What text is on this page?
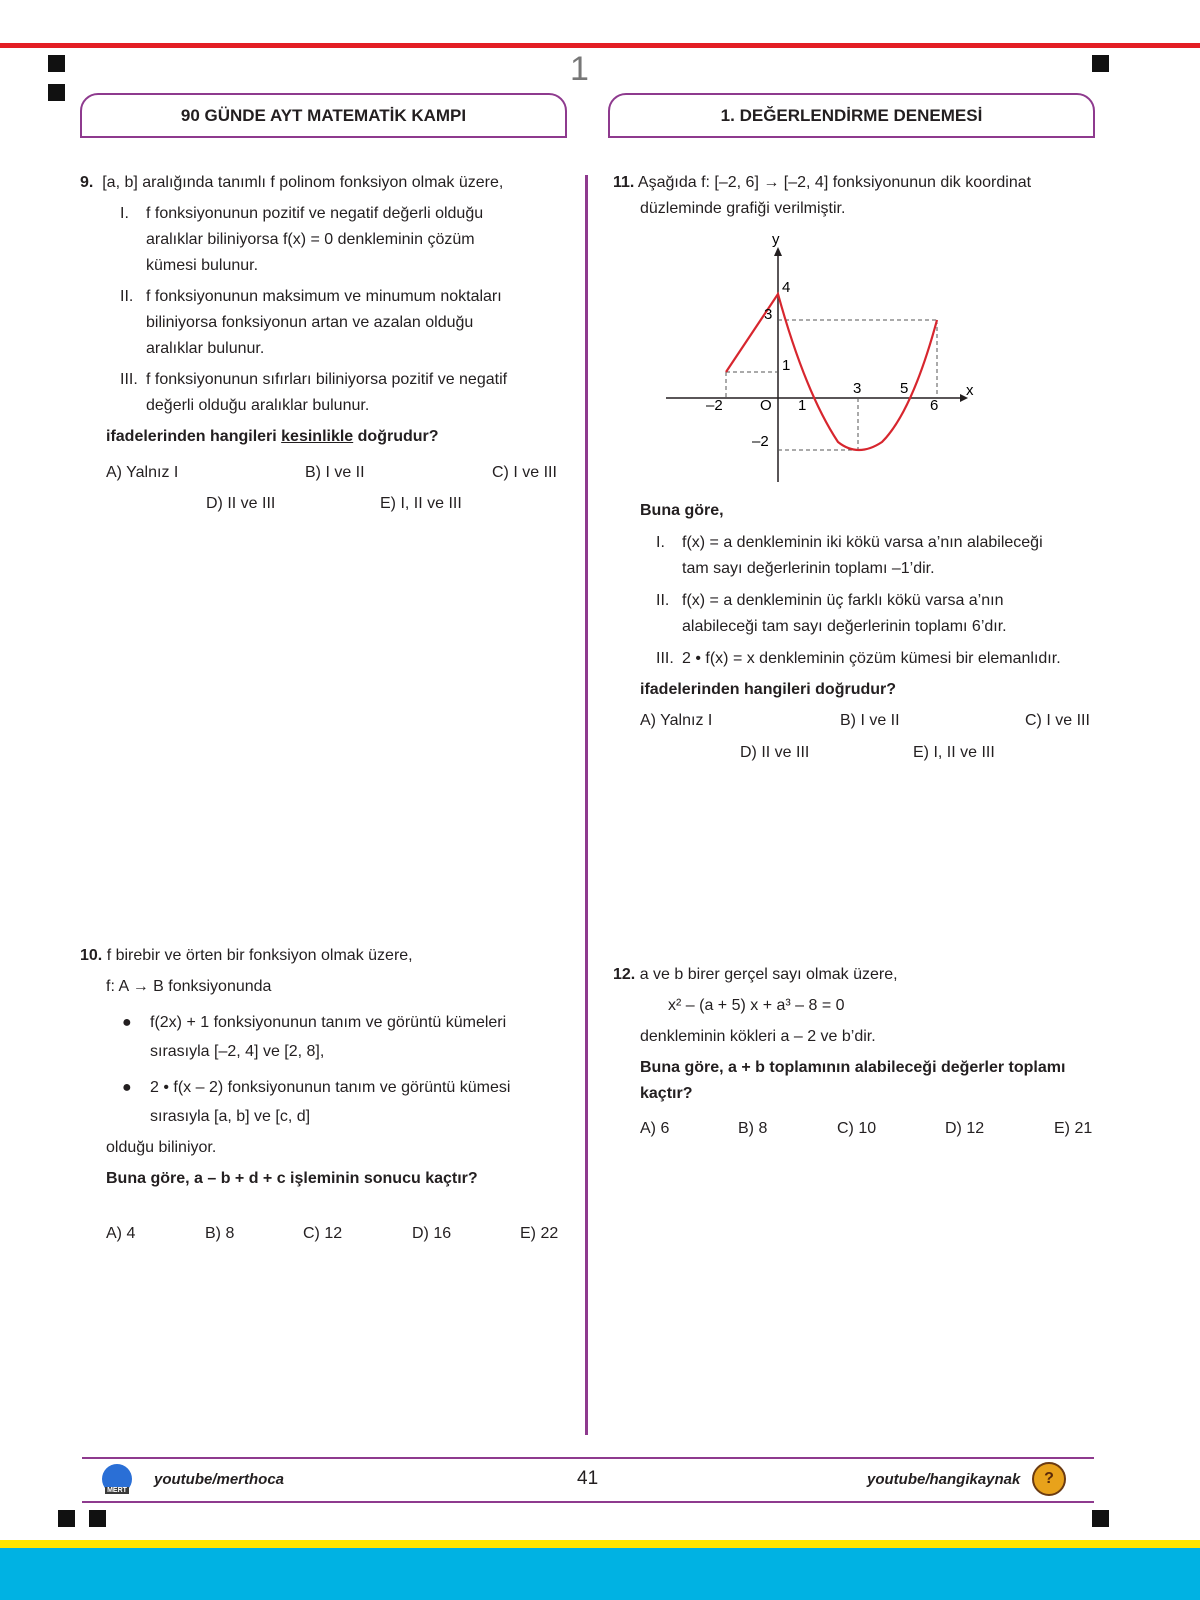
1
90 GÜNDE AYT MATEMATİK KAMPI	1. DEĞERLENDİRME DENEMESİ
9. [a, b] aralığında tanımlı f polinom fonksiyon olmak üzere,
I. f fonksiyonunun pozitif ve negatif değerli olduğu
aralıklar biliniyorsa f(x) = 0 denkleminin çözüm
kümesi bulunur.
II. f fonksiyonunun maksimum ve minumum noktaları
biliniyorsa fonksiyonun artan ve azalan olduğu
aralıklar bulunur.
III. f fonksiyonunun sıfırları biliniyorsa pozitif ve negatif
değerli olduğu aralıklar bulunur.
ifadelerinden hangileri kesinlikle doğrudur?
A) Yalnız I	B) I ve II	C) I ve III
D) II ve III	E) I, II ve III
10. f birebir ve örten bir fonksiyon olmak üzere,
f: A → B fonksiyonunda
● f(2x) + 1 fonksiyonunun tanım ve görüntü kümeleri
sırasıyla [–2, 4] ve [2, 8],
● 2 • f(x – 2) fonksiyonunun tanım ve görüntü kümesi
sırasıyla [a, b] ve [c, d]
olduğu biliniyor.
Buna göre, a – b + d + c işleminin sonucu kaçtır?
A) 4	B) 8	C) 12	D) 16	E) 22
11. Aşağıda f: [–2, 6] → [–2, 4] fonksiyonunun dik koordinat
düzleminde grafiği verilmiştir.
y
x
O
–2	1	6
3	5
4
3
1
–2
Buna göre,
I. f(x) = a denkleminin iki kökü varsa a’nın alabileceği
tam sayı değerlerinin toplamı –1’dir.
II. f(x) = a denkleminin üç farklı kökü varsa a’nın
alabileceği tam sayı değerlerinin toplamı 6’dır.
III. 2 • f(x) = x denkleminin çözüm kümesi bir elemanlıdır.
ifadelerinden hangileri doğrudur?
A) Yalnız I	B) I ve II	C) I ve III
D) II ve III	E) I, II ve III
12. a ve b birer gerçel sayı olmak üzere,
x² – (a + 5) x + a³ – 8 = 0
denkleminin kökleri a – 2 ve b’dir.
Buna göre, a + b toplamının alabileceği değerler toplamı
kaçtır?
A) 6	B) 8	C) 10	D) 12	E) 21
MERT
youtube/merthoca	41	youtube/hangikaynak ?
